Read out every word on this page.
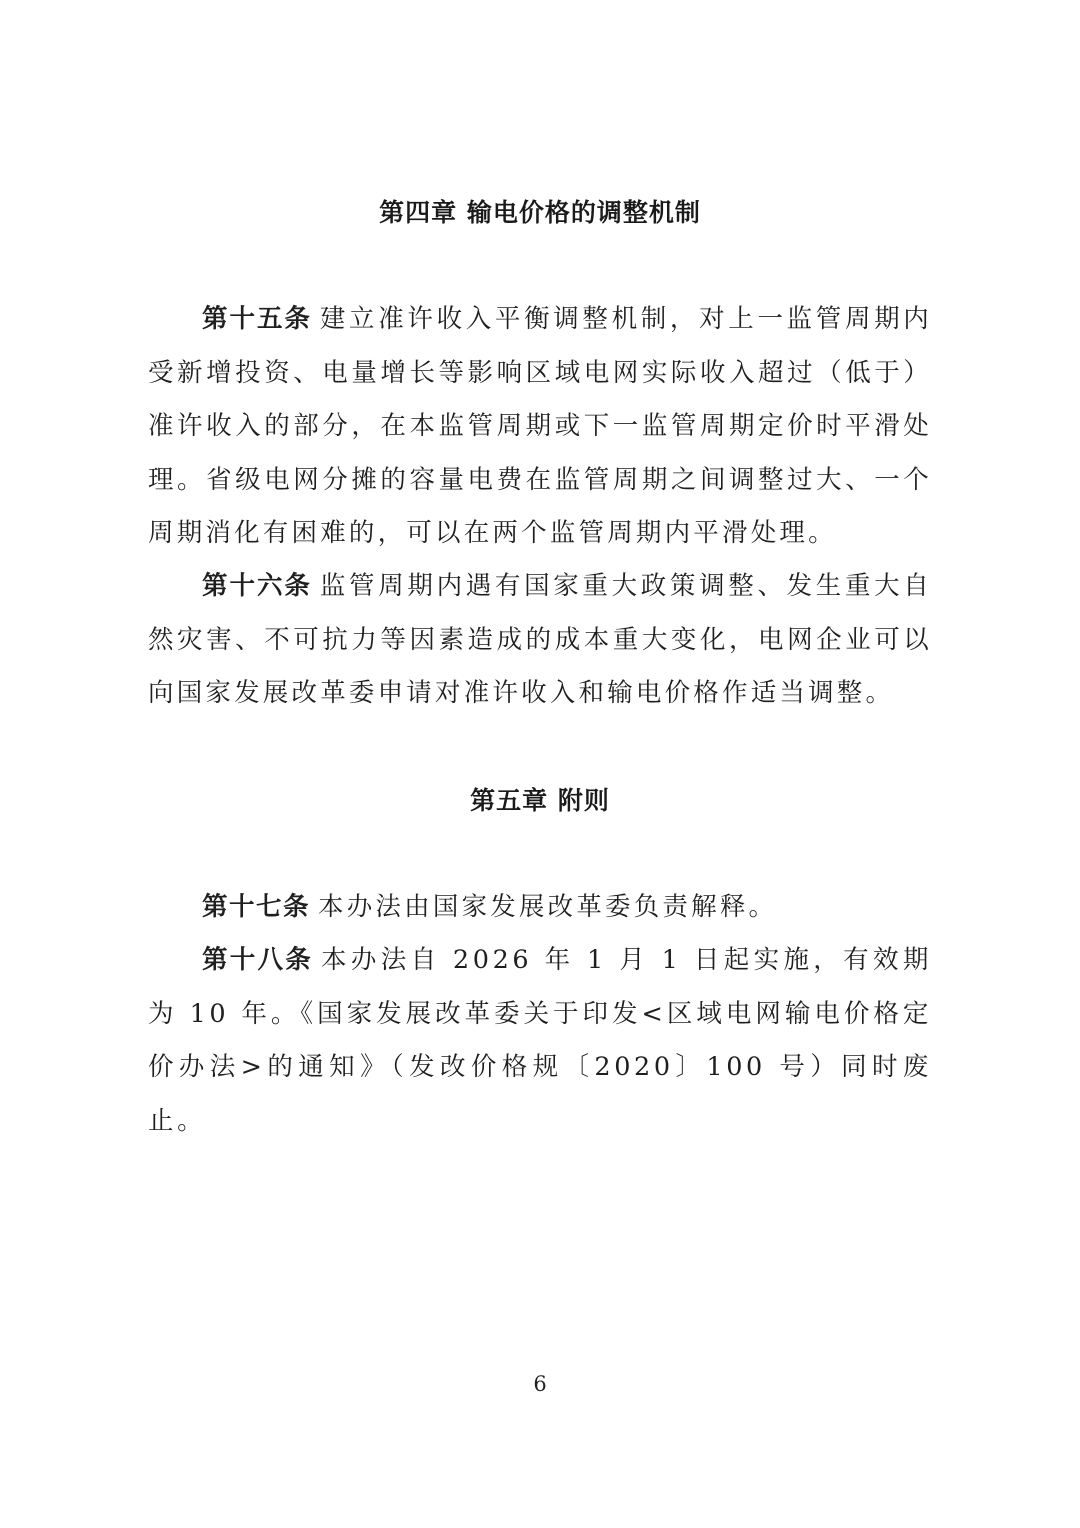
第四章 输电价格的调整机制

第十五条 建立准许收入平衡调整机制，对上一监管周期内受新增投资、电量增长等影响区域电网实际收入超过（低于）准许收入的部分，在本监管周期或下一监管周期定价时平滑处理。省级电网分摊的容量电费在监管周期之间调整过大、一个周期消化有困难的，可以在两个监管周期内平滑处理。

第十六条 监管周期内遇有国家重大政策调整、发生重大自然灾害、不可抗力等因素造成的成本重大变化，电网企业可以向国家发展改革委申请对准许收入和输电价格作适当调整。

第五章 附则

第十七条 本办法由国家发展改革委负责解释。

第十八条 本办法自 2026 年 1 月 1 日起实施，有效期为 10 年。《国家发展改革委关于印发<区域电网输电价格定价办法>的通知》（发改价格规〔2020〕100 号）同时废止。

6
